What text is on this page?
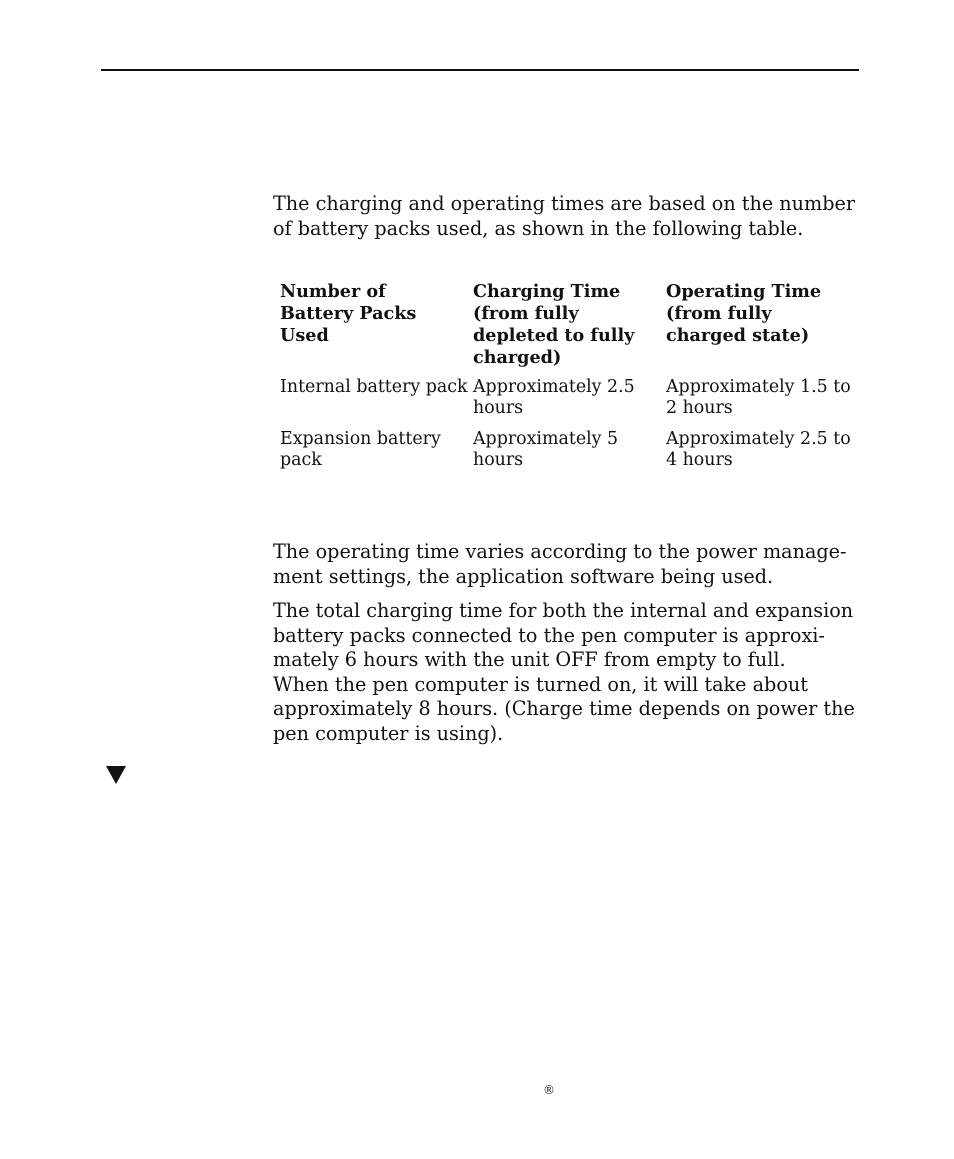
The charging and operating times are based on the number
of battery packs used, as shown in the following table.

Number of
Battery Packs
Used
Charging Time
(from fully
depleted to fully
charged)
Operating Time
(from fully
charged state)
Internal battery pack Approximately 2.5
hours
Approximately 1.5 to
2 hours
Expansion battery
pack
Approximately 5
hours
Approximately 2.5 to
4 hours

The operating time varies according to the power manage-
ment settings, the application software being used.

The total charging time for both the internal and expansion
battery packs connected to the pen computer is approxi-
mately 6 hours with the unit OFF from empty to full.
When the pen computer is turned on, it will take about
approximately 8 hours. (Charge time depends on power the
pen computer is using).

®
